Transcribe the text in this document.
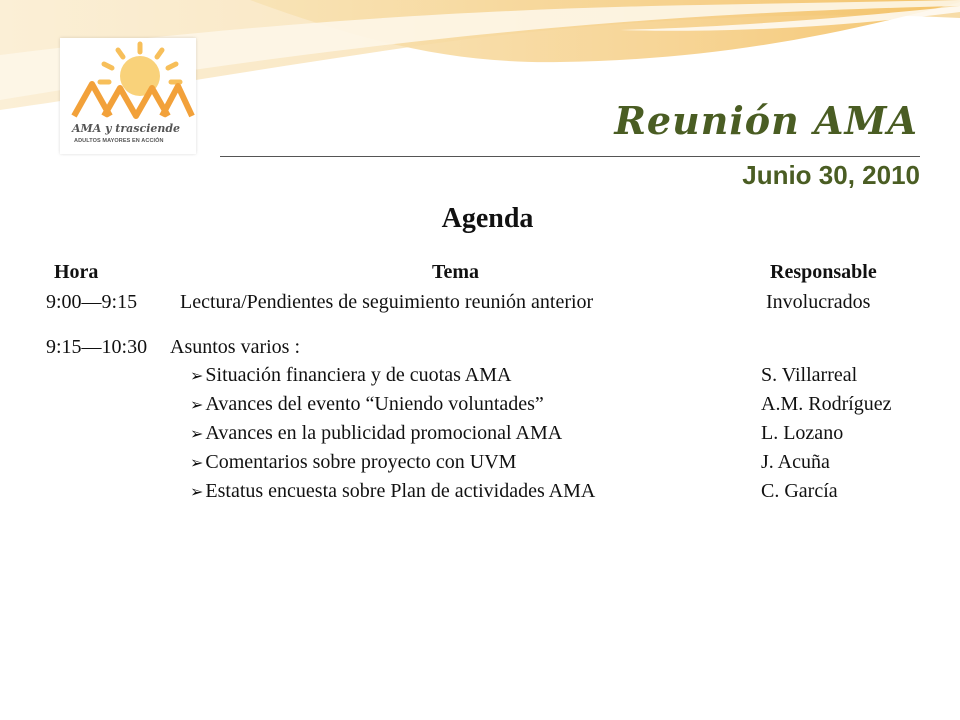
AMA y trasciende
ADULTOS MAYORES EN ACCIÓN	Reunión AMA
Junio 30, 2010
Agenda
Hora	Tema	Responsable
9:00—9:15 Lectura/Pendientes de seguimiento reunión anterior	Involucrados
9:15—10:30 Asuntos varios :
➢ Situación financiera y de cuotas AMA	S. Villarreal
➢ Avances del evento “Uniendo voluntades”	A.M. Rodríguez
➢ Avances en la publicidad promocional AMA	L. Lozano
➢ Comentarios sobre proyecto con UVM	J. Acuña
➢ Estatus encuesta sobre Plan de actividades AMA	C. García
